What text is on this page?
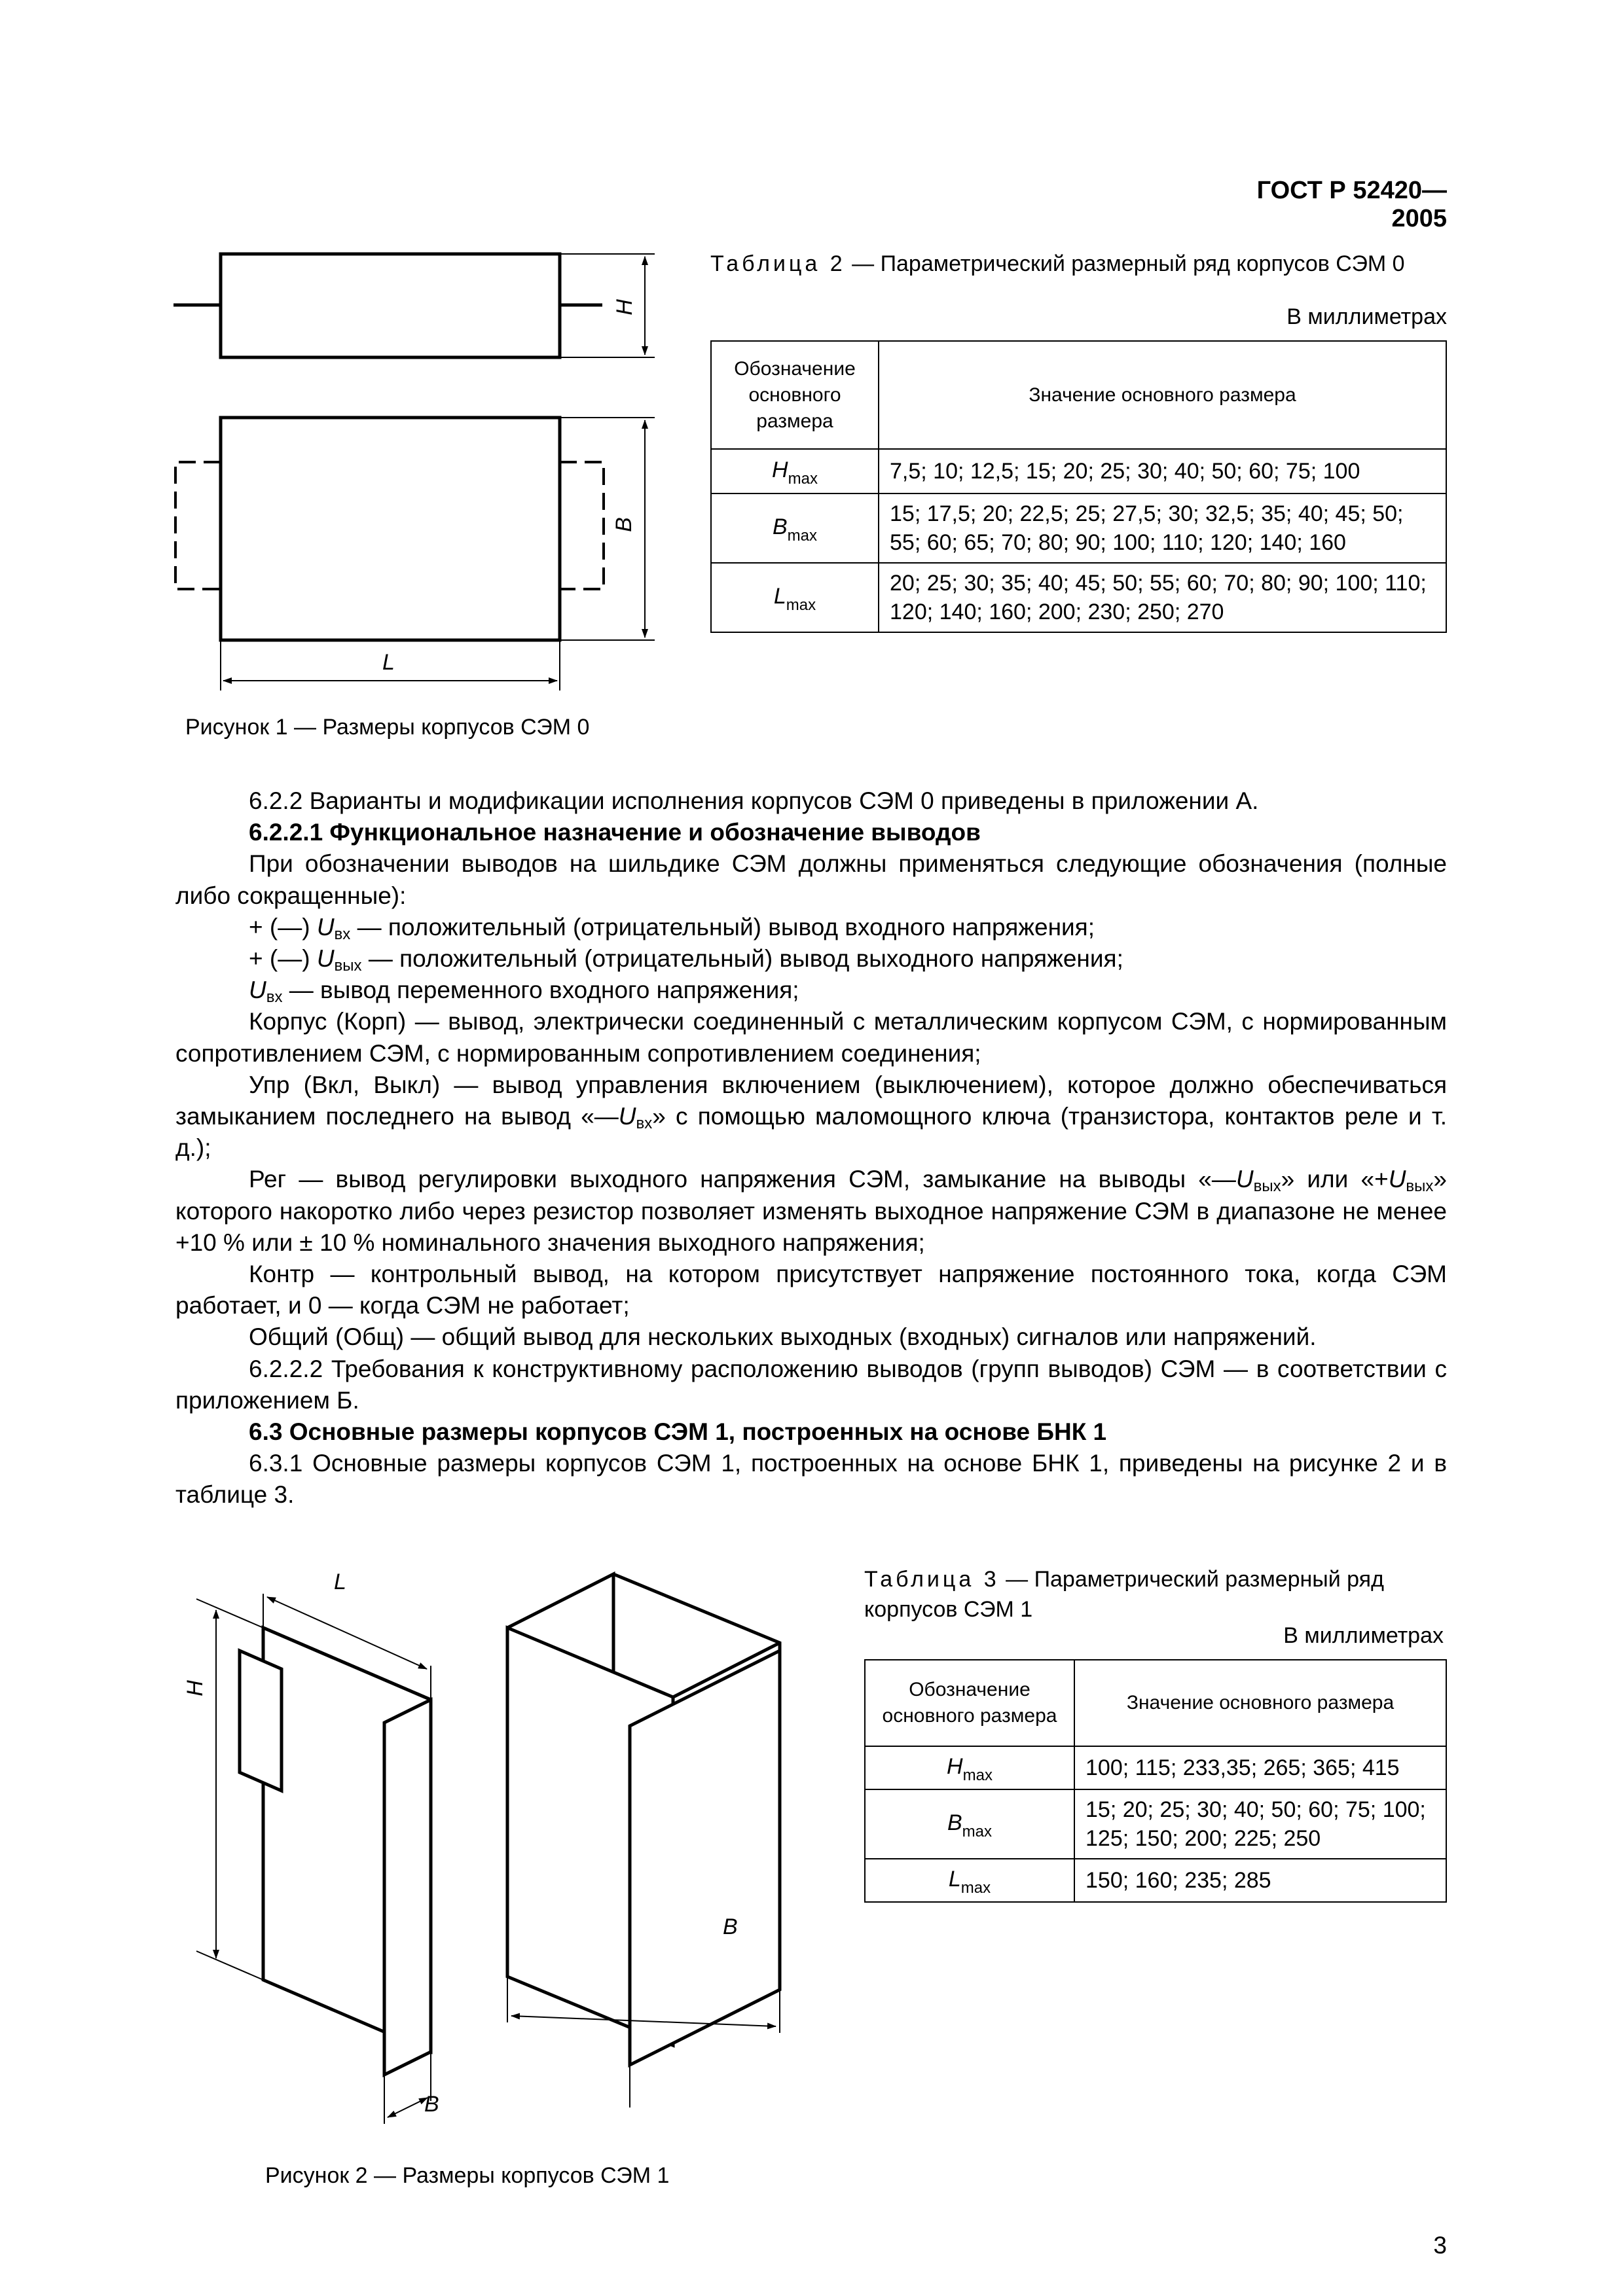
ГОСТ Р 52420—2005
H
B
L
Рисунок 1 — Размеры корпусов СЭМ 0
Таблица 2 — Параметрический размерный ряд корпусов СЭМ 0
В миллиметрах
Обозначение основного размера	Значение основного размера
$H_{max}$	7,5; 10; 12,5; 15; 20; 25; 30; 40; 50; 60; 75; 100
$B_{max}$	15; 17,5; 20; 22,5; 25; 27,5; 30; 32,5; 35; 40; 45; 50; 55; 60; 65; 70; 80; 90; 100; 110; 120; 140; 160
$L_{max}$	20; 25; 30; 35; 40; 45; 50; 55; 60; 70; 80; 90; 100; 110; 120; 140; 160; 200; 230; 250; 270

6.2.2 Варианты и модификации исполнения корпусов СЭМ 0 приведены в приложении А.

6.2.2.1 Функциональное назначение и обозначение выводов

При обозначении выводов на шильдике СЭМ должны применяться следующие обозначения (полные либо сокращенные):

+ (—) $U_{вх}$ — положительный (отрицательный) вывод входного напряжения;

+ (—) $U_{вых}$ — положительный (отрицательный) вывод выходного напряжения;

$U_{вх}$ — вывод переменного входного напряжения;

Корпус (Корп) — вывод, электрически соединенный с металлическим корпусом СЭМ, с нормированным сопротивлением СЭМ, с нормированным сопротивлением соединения;

Упр (Вкл, Выкл) — вывод управления включением (выключением), которое должно обеспечиваться замыканием последнего на вывод «$—U_{вх}$» с помощью маломощного ключа (транзистора, контактов реле и т. д.);

Рег — вывод регулировки выходного напряжения СЭМ, замыкание на выводы «$—U_{вых}$» или «$+U_{вых}$» которого накоротко либо через резистор позволяет изменять выходное напряжение СЭМ в диапазоне не менее +10 % или ± 10 % номинального значения выходного напряжения;

Контр — контрольный вывод, на котором присутствует напряжение постоянного тока, когда СЭМ работает, и 0 — когда СЭМ не работает;

Общий (Общ) — общий вывод для нескольких выходных (входных) сигналов или напряжений.

6.2.2.2 Требования к конструктивному расположению выводов (групп выводов) СЭМ — в соответствии с приложением Б.

6.3 Основные размеры корпусов СЭМ 1, построенных на основе БНК 1

6.3.1 Основные размеры корпусов СЭМ 1, построенных на основе БНК 1, приведены на рисунке 2 и в таблице 3.

L
H
B
B
Рисунок 2 — Размеры корпусов СЭМ 1
Таблица 3 — Параметрический размерный ряд корпусов СЭМ 1
В миллиметрах
Обозначение основного размера	Значение основного размера
$H_{max}$	100; 115; 233,35; 265; 365; 415
$B_{max}$	15; 20; 25; 30; 40; 50; 60; 75; 100; 125; 150; 200; 225; 250
$L_{max}$	150; 160; 235; 285
3
